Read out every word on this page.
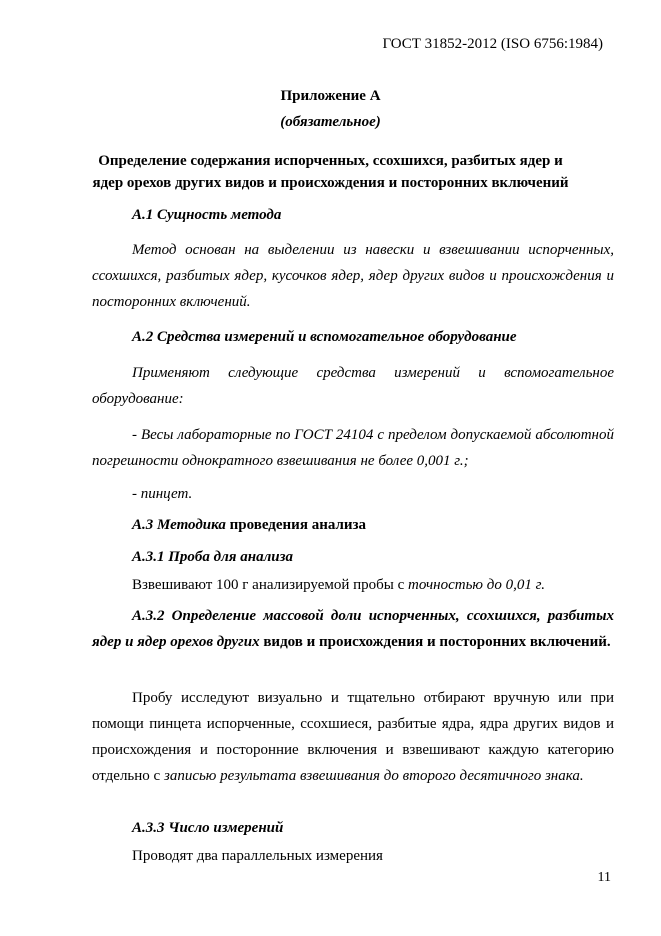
ГОСТ 31852-2012 (ISO 6756:1984)
Приложение А
(обязательное)
Определение содержания испорченных, ссохшихся, разбитых ядер и
ядер орехов других видов и происхождения и посторонних включений
А.1 Сущность метода
Метод основан на выделении из навески и взвешивании испорченных, ссохшихся, разбитых ядер, кусочков ядер, ядер других видов и происхождения и посторонних включений.
А.2 Средства измерений и вспомогательное оборудование
Применяют следующие средства измерений и вспомогательное оборудование:
- Весы лабораторные по ГОСТ 24104 с пределом допускаемой абсолютной погрешности однократного взвешивания не более 0,001 г.;
- пинцет.
А.3 Методика проведения анализа
А.3.1 Проба для анализа
Взвешивают 100 г анализируемой пробы с точностью до 0,01 г.
А.3.2 Определение массовой доли испорченных, ссохшихся, разбитых ядер и ядер орехов других видов и происхождения и посторонних включений.
Пробу исследуют визуально и тщательно отбирают вручную или при помощи пинцета испорченные, ссохшиеся, разбитые ядра, ядра других видов и происхождения и посторонние включения и взвешивают каждую категорию отдельно с записью результата взвешивания до второго десятичного знака.
А.3.3 Число измерений
Проводят два параллельных измерения
11
